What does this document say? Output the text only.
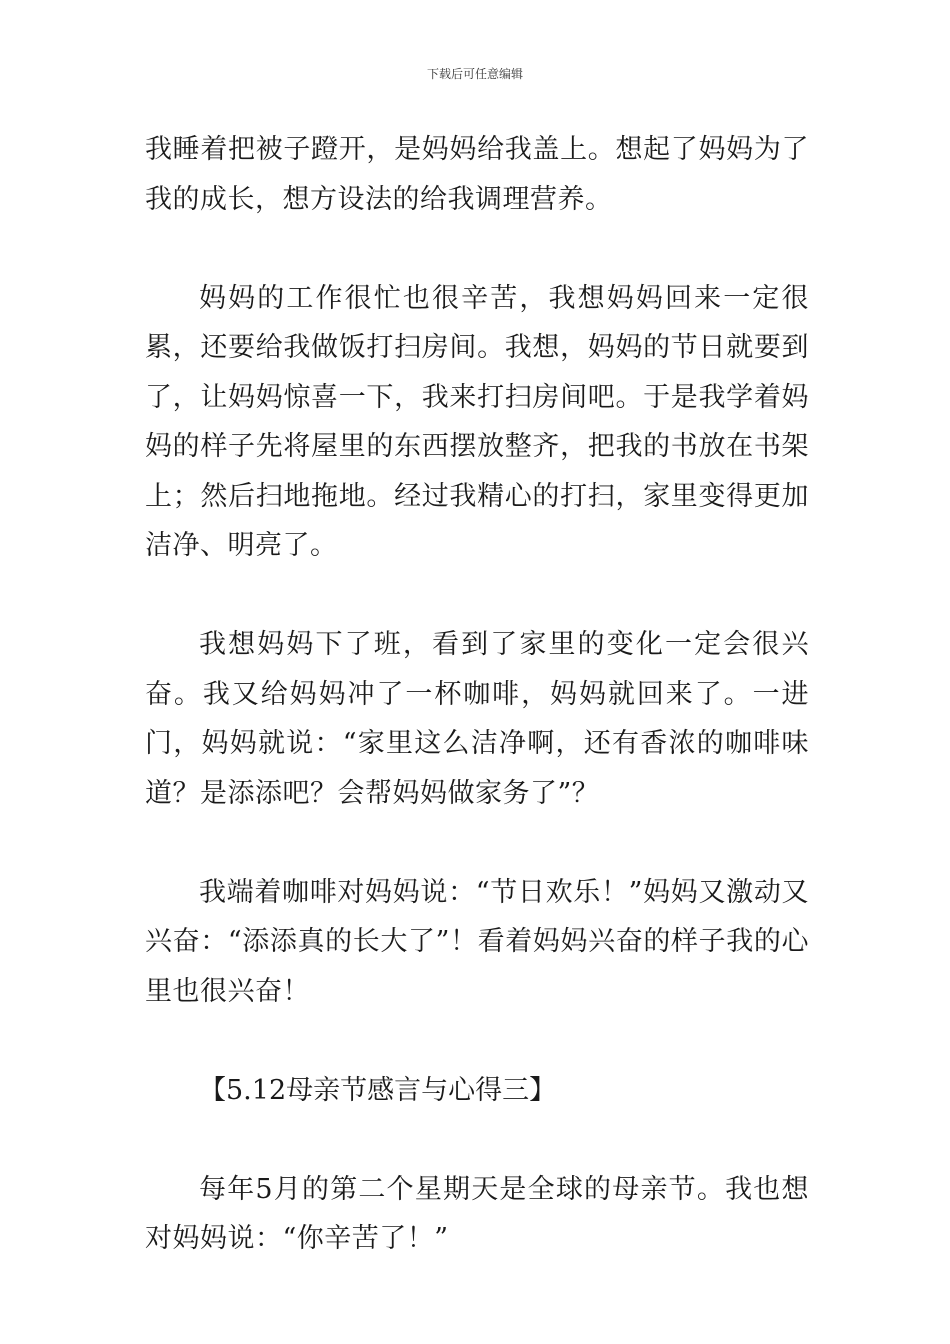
下载后可任意编辑

我睡着把被子蹬开，是妈妈给我盖上。想起了妈妈为了我的成长，想方设法的给我调理营养。

妈妈的工作很忙也很辛苦，我想妈妈回来一定很累，还要给我做饭打扫房间。我想，妈妈的节日就要到了，让妈妈惊喜一下，我来打扫房间吧。于是我学着妈妈的样子先将屋里的东西摆放整齐，把我的书放在书架上；然后扫地拖地。经过我精心的打扫，家里变得更加洁净、明亮了。

我想妈妈下了班，看到了家里的变化一定会很兴奋。我又给妈妈冲了一杯咖啡，妈妈就回来了。一进门，妈妈就说：“家里这么洁净啊，还有香浓的咖啡味道？是添添吧？会帮妈妈做家务了”？

我端着咖啡对妈妈说：“节日欢乐！”妈妈又激动又兴奋：“添添真的长大了”！看着妈妈兴奋的样子我的心里也很兴奋！

【5.12母亲节感言与心得三】

每年5月的第二个星期天是全球的母亲节。我也想对妈妈说：“你辛苦了！”
